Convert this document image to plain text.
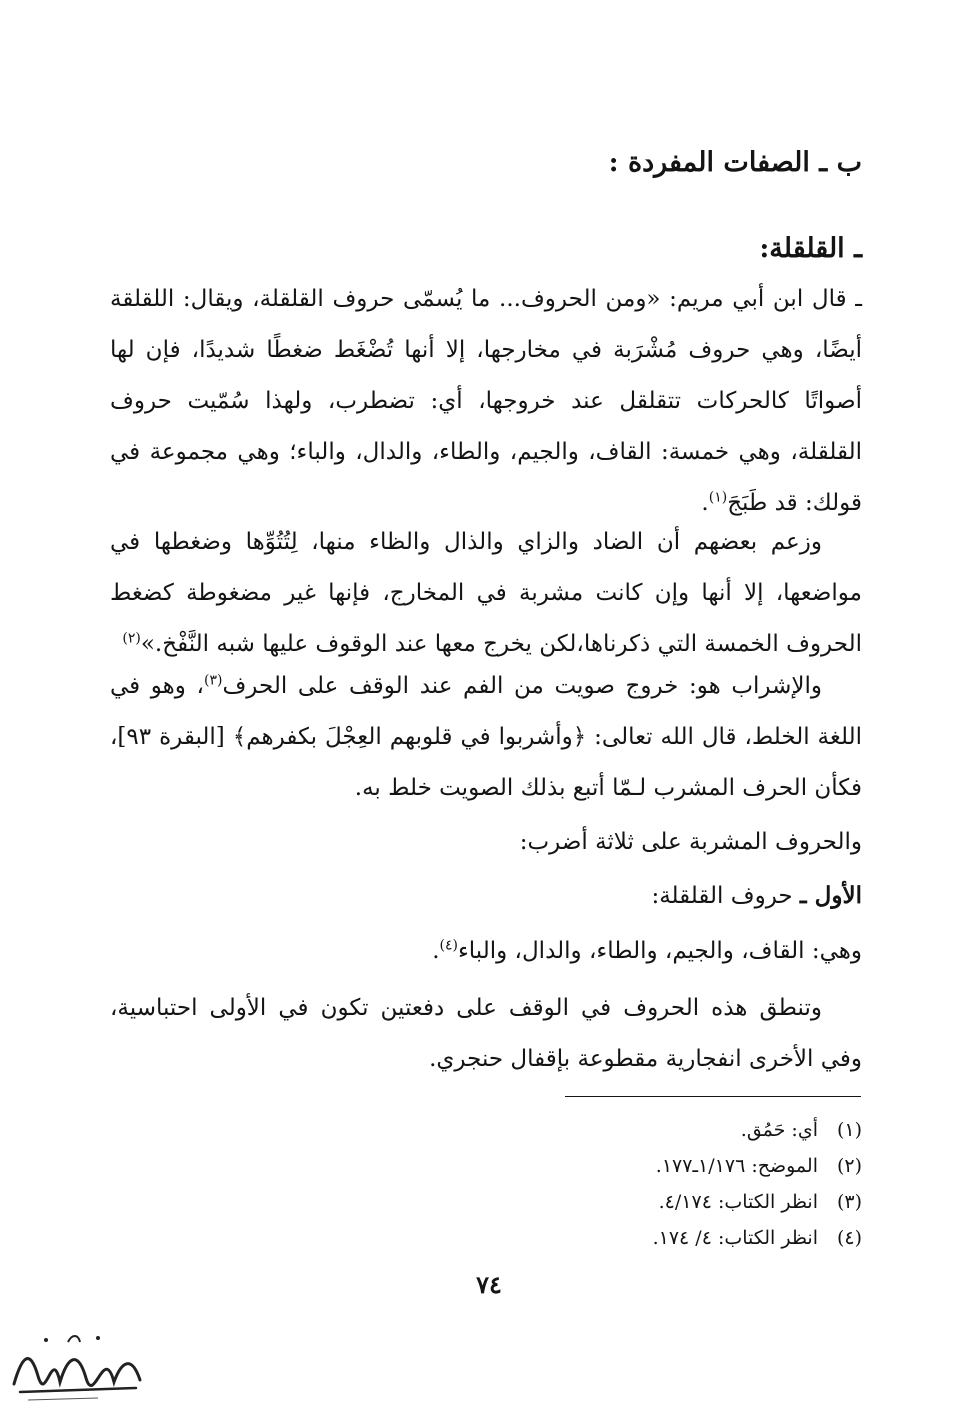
ب ـ الصفات المفردة :
ـ القلقلة:
ـ قال ابن أبي مريم: «ومن الحروف... ما يُسمّى حروف القلقلة، ويقال: اللقلقة أيضًا، وهي حروف مُشْرَبة في مخارجها، إلا أنها تُضْغَط ضغطًا شديدًا، فإن لها أصواتًا كالحركات تتقلقل عند خروجها، أي: تضطرب، ولهذا سُمّيت حروف القلقلة، وهي خمسة: القاف، والجيم، والطاء، والدال، والباء؛ وهي مجموعة في قولك: قد طَبَجَ$^{(١)}$.
وزعم بعضهم أن الضاد والزاي والذال والظاء منها، لِتُتُوِّها وضغطها في مواضعها، إلا أنها وإن كانت مشربة في المخارج، فإنها غير مضغوطة كضغط الحروف الخمسة التي ذكرناها،لكن يخرج معها عند الوقوف عليها شبه النَّفْخ.»$^{(٢)}$
والإشراب هو: خروج صويت من الفم عند الوقف على الحرف$^{(٣)}$، وهو في اللغة الخلط، قال الله تعالى: ﴿وأشربوا في قلوبهم العِجْلَ بكفرهم﴾ [البقرة ٩٣]، فكأن الحرف المشرب لـمّا أتبع بذلك الصويت خلط به.
والحروف المشربة على ثلاثة أضرب:
الأول ـ حروف القلقلة:
وهي: القاف، والجيم، والطاء، والدال، والباء$^{(٤)}$.
وتنطق هذه الحروف في الوقف على دفعتين تكون في الأولى احتباسية، وفي الأخرى انفجارية مقطوعة بإقفال حنجري.
(١)أي: حَمُق.
(٢)الموضح: ١/١٧٦ـ١٧٧.
(٣)انظر الكتاب: ٤/١٧٤.
(٤)انظر الكتاب: ٤/ ١٧٤.
٧٤
